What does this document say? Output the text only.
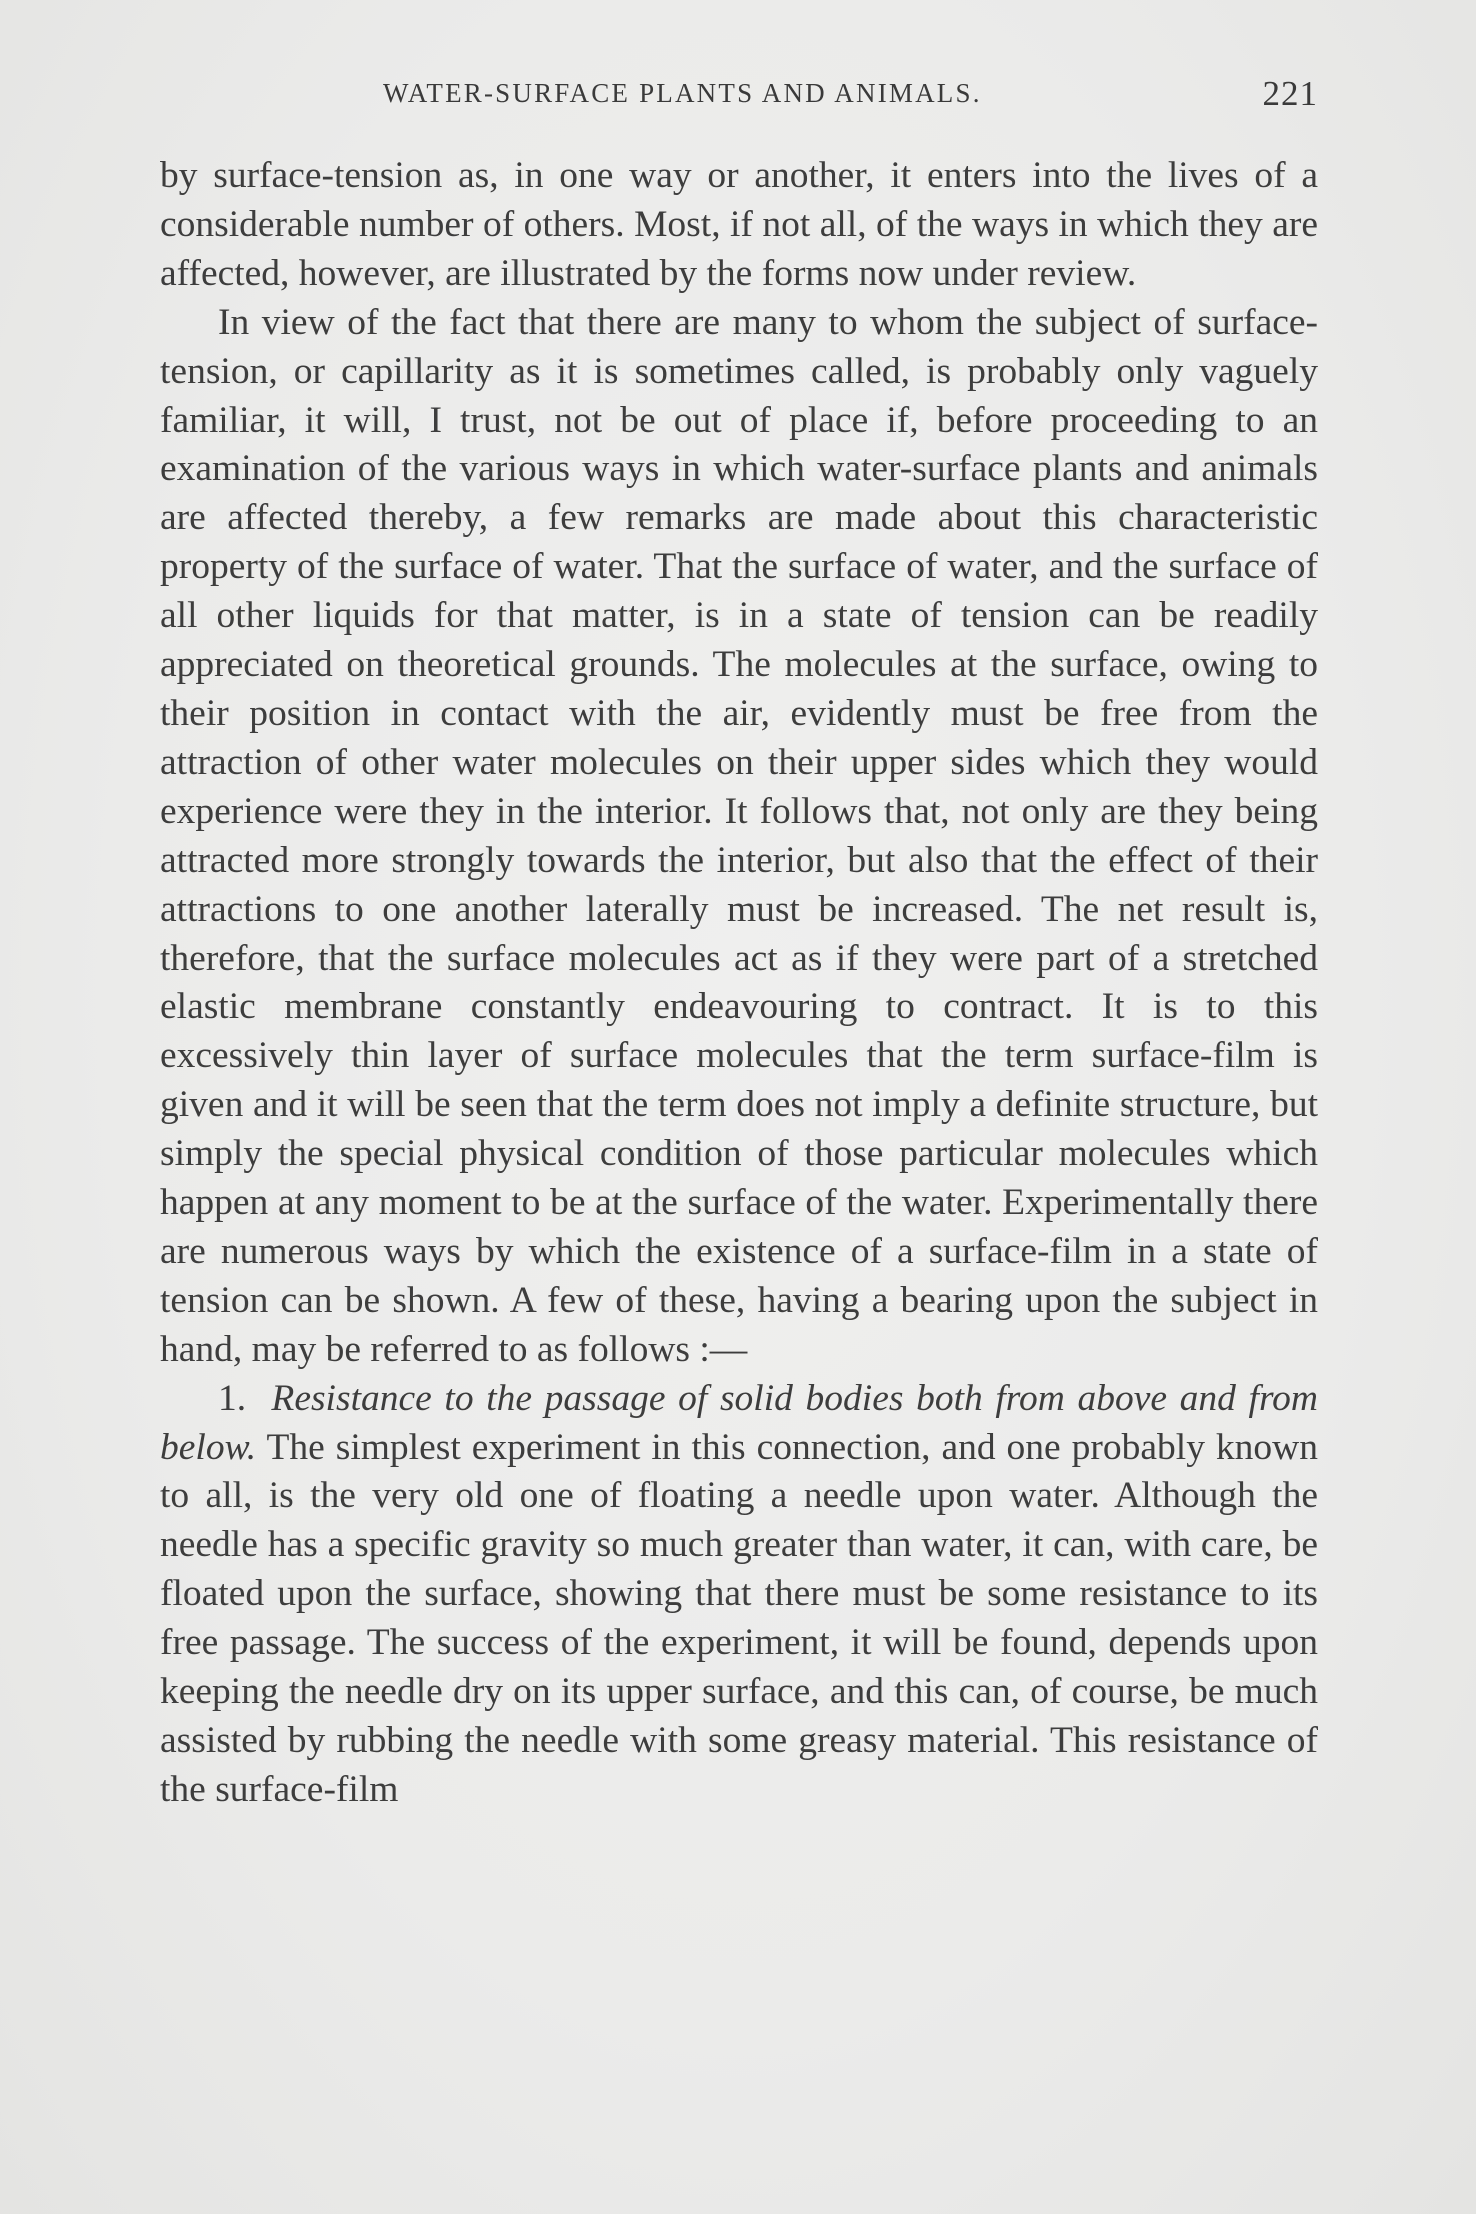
WATER-SURFACE PLANTS AND ANIMALS.	221

by surface-tension as, in one way or another, it enters into the lives of a considerable number of others. Most, if not all, of the ways in which they are affected, however, are illustrated by the forms now under review.

In view of the fact that there are many to whom the subject of surface-tension, or capillarity as it is sometimes called, is probably only vaguely familiar, it will, I trust, not be out of place if, before proceeding to an examination of the various ways in which water-surface plants and animals are affected thereby, a few remarks are made about this characteristic property of the surface of water. That the surface of water, and the surface of all other liquids for that matter, is in a state of tension can be readily appreciated on theoretical grounds. The molecules at the surface, owing to their position in contact with the air, evidently must be free from the attraction of other water molecules on their upper sides which they would experience were they in the interior. It follows that, not only are they being attracted more strongly towards the interior, but also that the effect of their attractions to one another laterally must be increased. The net result is, therefore, that the surface molecules act as if they were part of a stretched elastic membrane constantly endeavouring to contract. It is to this excessively thin layer of surface molecules that the term surface-film is given and it will be seen that the term does not imply a definite structure, but simply the special physical condition of those particular molecules which happen at any moment to be at the surface of the water. Experimentally there are numerous ways by which the existence of a surface-film in a state of tension can be shown. A few of these, having a bearing upon the subject in hand, may be referred to as follows :—

1. Resistance to the passage of solid bodies both from above and from below. The simplest experiment in this connection, and one probably known to all, is the very old one of floating a needle upon water. Although the needle has a specific gravity so much greater than water, it can, with care, be floated upon the surface, showing that there must be some resistance to its free passage. The success of the experiment, it will be found, depends upon keeping the needle dry on its upper surface, and this can, of course, be much assisted by rubbing the needle with some greasy material. This resistance of the surface-film
